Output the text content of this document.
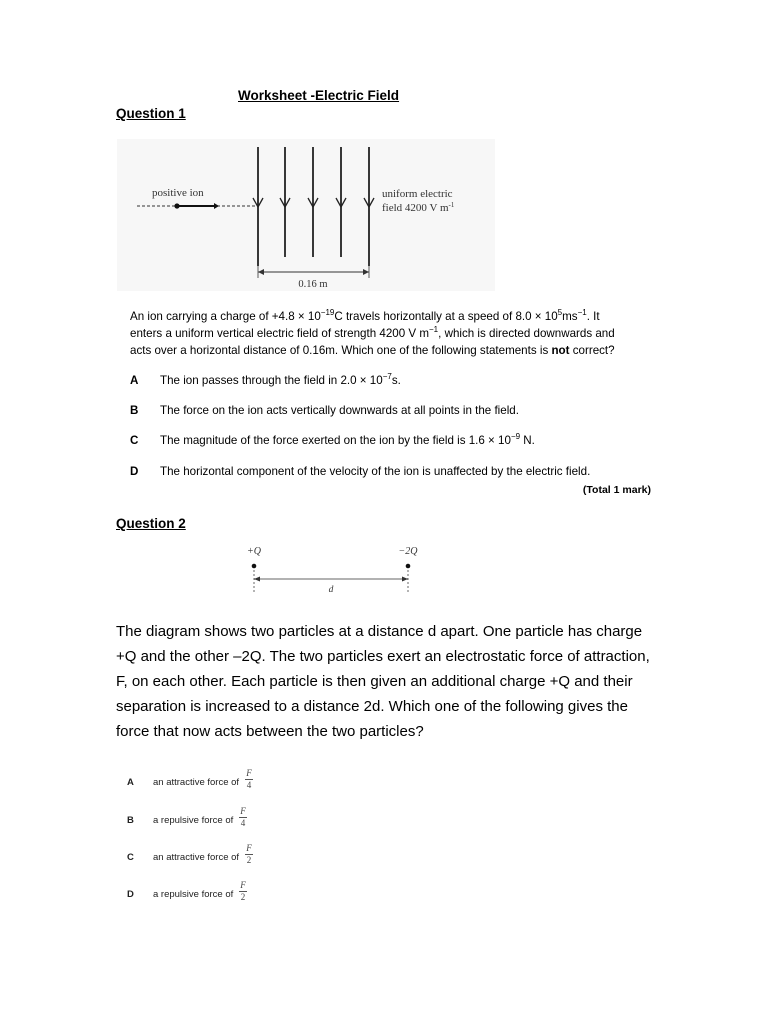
Worksheet -Electric Field
Question 1
positive ion	uniform electric
field 4200 V $m^{-1}$
0.16 m
An ion carrying a charge of $+4.8 \times 10^{-19}C$ travels horizontally at a speed of $8.0 \times 10^5ms^{-1}$. It enters a uniform vertical electric field of strength 4200 V $m^{-1}$, which is directed downwards and acts over a horizontal distance of 0.16m. Which one of the following statements is not correct?
A The ion passes through the field in $2.0 \times 10^{-7}s$.
B The force on the ion acts vertically downwards at all points in the field.
C The magnitude of the force exerted on the ion by the field is $1.6 \times 10^{-9}$ N.
D The horizontal component of the velocity of the ion is unaffected by the electric field.
(Total 1 mark)
Question 2
+Q	−2Q
d
The diagram shows two particles at a distance d apart. One particle has charge +Q and the other –2Q. The two particles exert an electrostatic force of attraction, F, on each other. Each particle is then given an additional charge +Q and their separation is increased to a distance 2d. Which one of the following gives the force that now acts between the two particles?
A an attractive force of
F
4
B a repulsive force of
F
4
C an attractive force of
F
2
D a repulsive force of
F
2
